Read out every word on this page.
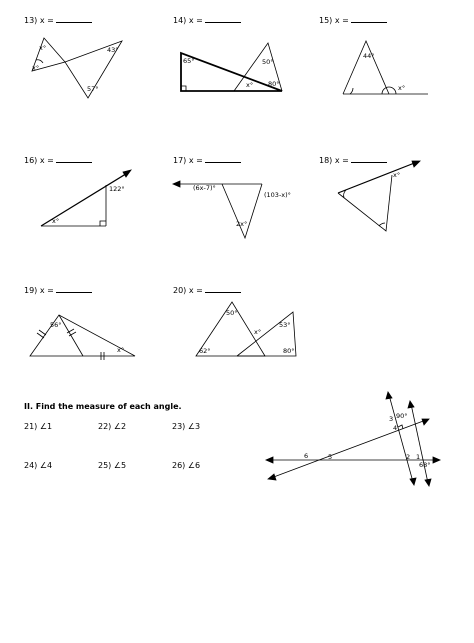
13) x =
x°
x°
43°
57°
14) x =
65°	50°
x° 80°
15) x =
44°
x°
16) x =
122°
x°
17) x =
(6x-7)°
(103-x)°
2x°
18) x =
x°
19) x =
56°
x°
20) x =
50°
x°
53°
62°	80°
II. Find the measure of each angle.
21) ∠1	22) ∠2	23) ∠3
24) ∠4	25) ∠5	26) ∠6
3 90°
4
6	5	2 1
68°
